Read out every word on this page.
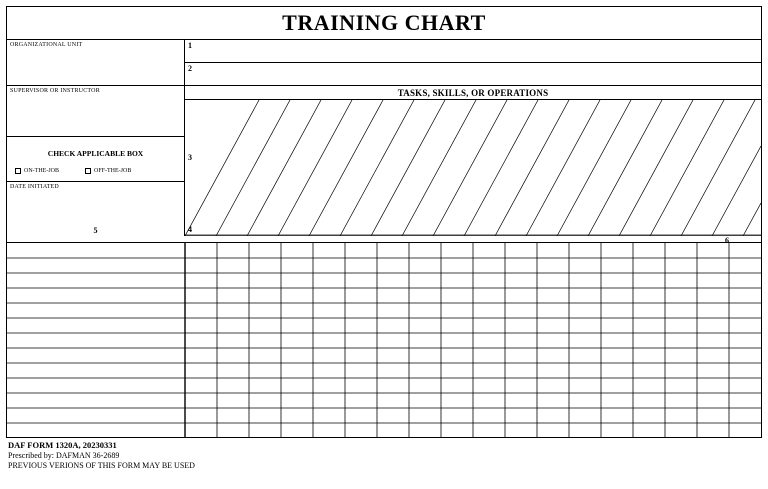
TRAINING CHART
ORGANIZATIONAL UNIT
SUPERVISOR OR INSTRUCTOR
CHECK APPLICABLE BOX
ON-THE-JOB	OFF-THE-JOB
DATE INITIATED
5
1
2
TASKS, SKILLS, OR OPERATIONS
3
4
6
DAF FORM 1320A, 20230331
Prescribed by: DAFMAN 36-2689
PREVIOUS VERIONS OF THIS FORM MAY BE USED
